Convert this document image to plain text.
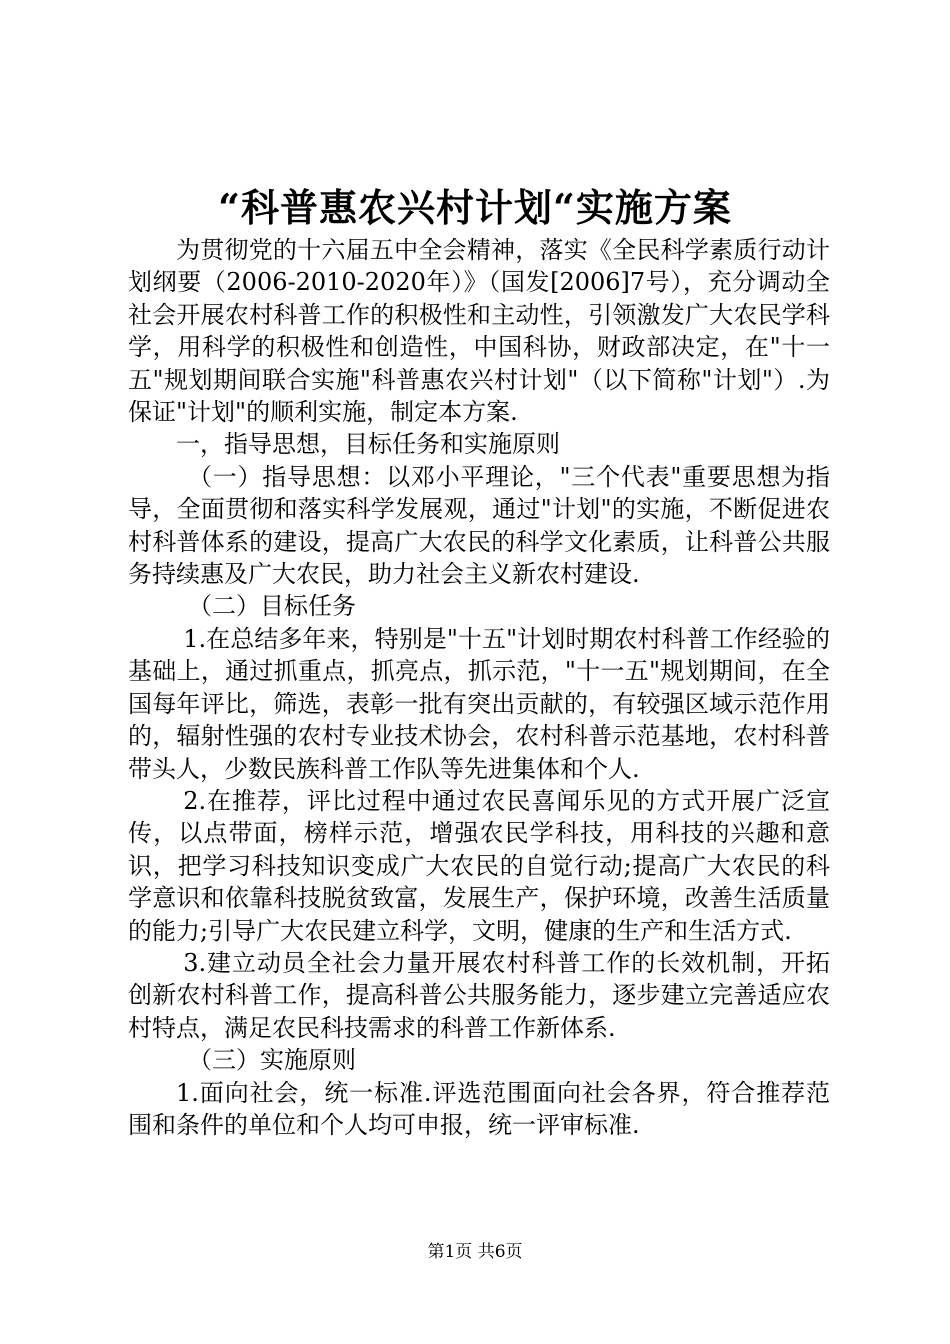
“科普惠农兴村计划“实施方案

为贯彻党的十六届五中全会精神，落实《全民科学素质行动计划纲要（2006-2010-2020年）》（国发[2006]7号），充分调动全社会开展农村科普工作的积极性和主动性，引领激发广大农民学科学，用科学的积极性和创造性，中国科协，财政部决定，在"十一五"规划期间联合实施"科普惠农兴村计划"（以下简称"计划"）.为保证"计划"的顺利实施，制定本方案.

一，指导思想，目标任务和实施原则

（一）指导思想：以邓小平理论，"三个代表"重要思想为指导，全面贯彻和落实科学发展观，通过"计划"的实施，不断促进农村科普体系的建设，提高广大农民的科学文化素质，让科普公共服务持续惠及广大农民，助力社会主义新农村建设.

（二）目标任务

1.在总结多年来，特别是"十五"计划时期农村科普工作经验的基础上，通过抓重点，抓亮点，抓示范，"十一五"规划期间，在全国每年评比，筛选，表彰一批有突出贡献的，有较强区域示范作用的，辐射性强的农村专业技术协会，农村科普示范基地，农村科普带头人，少数民族科普工作队等先进集体和个人.

2.在推荐，评比过程中通过农民喜闻乐见的方式开展广泛宣传，以点带面，榜样示范，增强农民学科技，用科技的兴趣和意识，把学习科技知识变成广大农民的自觉行动;提高广大农民的科学意识和依靠科技脱贫致富，发展生产，保护环境，改善生活质量的能力;引导广大农民建立科学，文明，健康的生产和生活方式.

3.建立动员全社会力量开展农村科普工作的长效机制，开拓创新农村科普工作，提高科普公共服务能力，逐步建立完善适应农村特点，满足农民科技需求的科普工作新体系.

（三）实施原则

1.面向社会，统一标准.评选范围面向社会各界，符合推荐范围和条件的单位和个人均可申报，统一评审标准.

第1页 共6页
